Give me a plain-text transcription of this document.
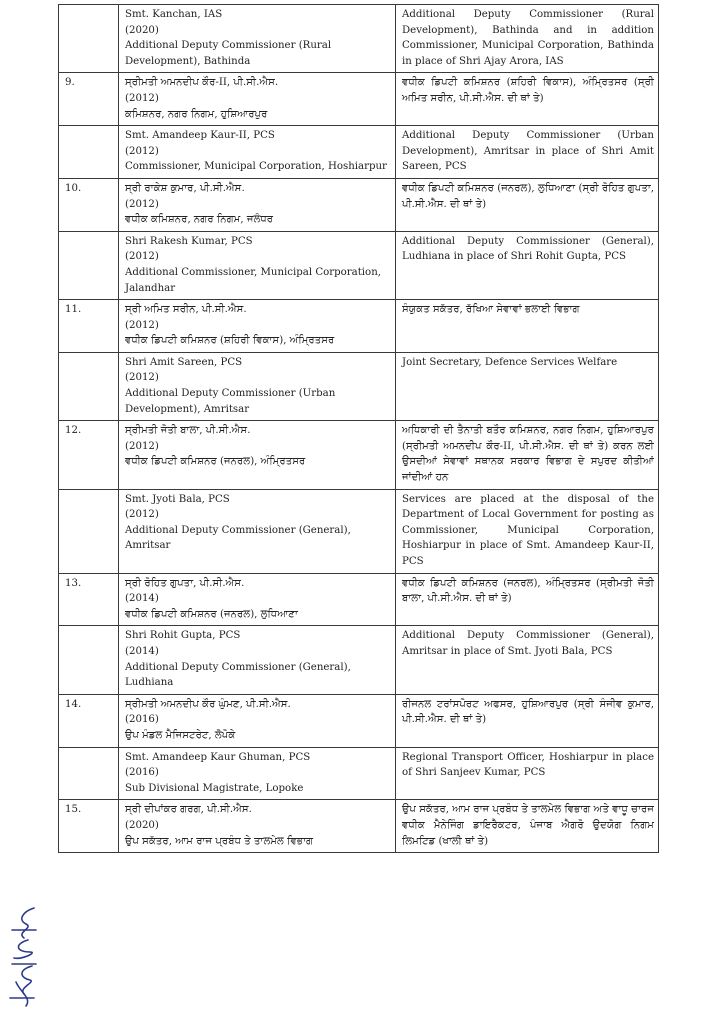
	Smt. Kanchan, IAS
(2020)
Additional Deputy Commissioner (Rural Development), Bathinda	Additional Deputy Commissioner (Rural Development), Bathinda and in addition Commissioner, Municipal Corporation, Bathinda in place of Shri Ajay Arora, IAS
9.	ਸ੍ਰੀਮਤੀ ਅਮਨਦੀਪ ਕੌਰ-II, ਪੀ.ਸੀ.ਐਸ.
(2012)
ਕਮਿਸ਼ਨਰ, ਨਗਰ ਨਿਗਮ, ਹੁਸ਼ਿਆਰਪੁਰ	ਵਧੀਕ ਡਿਪਟੀ ਕਮਿਸ਼ਨਰ (ਸ਼ਹਿਰੀ ਵਿਕਾਸ), ਅੰਮ੍ਰਿਤਸਰ (ਸ੍ਰੀ ਅਮਿਤ ਸਰੀਨ, ਪੀ.ਸੀ.ਐਸ. ਦੀ ਥਾਂ ਤੇ)

	Smt. Amandeep Kaur-II, PCS
(2012)
Commissioner, Municipal Corporation, Hoshiarpur	Additional Deputy Commissioner (Urban Development), Amritsar in place of Shri Amit Sareen, PCS
10.	ਸ੍ਰੀ ਰਾਕੇਸ਼ ਕੁਮਾਰ, ਪੀ.ਸੀ.ਐਸ.
(2012)
ਵਧੀਕ ਕਮਿਸ਼ਨਰ, ਨਗਰ ਨਿਗਮ, ਜਲੰਧਰ	ਵਧੀਕ ਡਿਪਟੀ ਕਮਿਸ਼ਨਰ (ਜਨਰਲ), ਲੁਧਿਆਣਾ (ਸ੍ਰੀ ਰੋਹਿਤ ਗੁਪਤਾ, ਪੀ.ਸੀ.ਐਸ. ਦੀ ਥਾਂ ਤੇ)

	Shri Rakesh Kumar, PCS
(2012)
Additional Commissioner, Municipal Corporation, Jalandhar	Additional Deputy Commissioner (General), Ludhiana in place of Shri Rohit Gupta, PCS
11.	ਸ੍ਰੀ ਅਮਿਤ ਸਰੀਨ, ਪੀ.ਸੀ.ਐਸ.
(2012)
ਵਧੀਕ ਡਿਪਟੀ ਕਮਿਸ਼ਨਰ (ਸ਼ਹਿਰੀ ਵਿਕਾਸ), ਅੰਮ੍ਰਿਤਸਰ	ਸੰਯੁਕਤ ਸਕੱਤਰ, ਰੱਖਿਆ ਸੇਵਾਵਾਂ ਭਲਾਈ ਵਿਭਾਗ

	Shri Amit Sareen, PCS
(2012)
Additional Deputy Commissioner (Urban Development), Amritsar	Joint Secretary, Defence Services Welfare
12.	ਸ੍ਰੀਮਤੀ ਜੋਤੀ ਬਾਲਾ, ਪੀ.ਸੀ.ਐਸ.
(2012)
ਵਧੀਕ ਡਿਪਟੀ ਕਮਿਸ਼ਨਰ (ਜਨਰਲ), ਅੰਮ੍ਰਿਤਸਰ	ਅਧਿਕਾਰੀ ਦੀ ਤੈਨਾਤੀ ਬਤੌਰ ਕਮਿਸ਼ਨਰ, ਨਗਰ ਨਿਗਮ, ਹੁਸ਼ਿਆਰਪੁਰ (ਸ੍ਰੀਮਤੀ ਅਮਨਦੀਪ ਕੌਰ-II, ਪੀ.ਸੀ.ਐਸ. ਦੀ ਥਾਂ ਤੇ) ਕਰਨ ਲਈ ਉਸਦੀਆਂ ਸੇਵਾਵਾਂ ਸਥਾਨਕ ਸਰਕਾਰ ਵਿਭਾਗ ਦੇ ਸਪੁਰਦ ਕੀਤੀਆਂ ਜਾਂਦੀਆਂ ਹਨ

	Smt. Jyoti Bala, PCS
(2012)
Additional Deputy Commissioner (General), Amritsar	Services are placed at the disposal of the Department of Local Government for posting as Commissioner, Municipal Corporation, Hoshiarpur in place of Smt. Amandeep Kaur-II, PCS
13.	ਸ੍ਰੀ ਰੋਹਿਤ ਗੁਪਤਾ, ਪੀ.ਸੀ.ਐਸ.
(2014)
ਵਧੀਕ ਡਿਪਟੀ ਕਮਿਸ਼ਨਰ (ਜਨਰਲ), ਲੁਧਿਆਣਾ	ਵਧੀਕ ਡਿਪਟੀ ਕਮਿਸ਼ਨਰ (ਜਨਰਲ), ਅੰਮ੍ਰਿਤਸਰ (ਸ੍ਰੀਮਤੀ ਜੋਤੀ ਬਾਲਾ, ਪੀ.ਸੀ.ਐਸ. ਦੀ ਥਾਂ ਤੇ)

	Shri Rohit Gupta, PCS
(2014)
Additional Deputy Commissioner (General), Ludhiana	Additional Deputy Commissioner (General), Amritsar in place of Smt. Jyoti Bala, PCS
14.	ਸ੍ਰੀਮਤੀ ਅਮਨਦੀਪ ਕੌਰ ਘੁੰਮਣ, ਪੀ.ਸੀ.ਐਸ.
(2016)
ਉਪ ਮੰਡਲ ਮੈਜਿਸਟਰੇਟ, ਲੋਪੋਕੇ	ਰੀਜਨਲ ਟਰਾਂਸਪੋਰਟ ਅਫਸਰ, ਹੁਸ਼ਿਆਰਪੁਰ (ਸ੍ਰੀ ਸੰਜੀਵ ਕੁਮਾਰ, ਪੀ.ਸੀ.ਐਸ. ਦੀ ਥਾਂ ਤੇ)

	Smt. Amandeep Kaur Ghuman, PCS
(2016)
Sub Divisional Magistrate, Lopoke	Regional Transport Officer, Hoshiarpur in place of Shri Sanjeev Kumar, PCS
15.	ਸ੍ਰੀ ਦੀਪਾਂਕਰ ਗਰਗ, ਪੀ.ਸੀ.ਐਸ.
(2020)
ਉਪ ਸਕੱਤਰ, ਆਮ ਰਾਜ ਪ੍ਰਬੰਧ ਤੇ ਤਾਲਮੇਲ ਵਿਭਾਗ	ਉਪ ਸਕੱਤਰ, ਆਮ ਰਾਜ ਪ੍ਰਬੰਧ ਤੇ ਤਾਲਮੇਲ ਵਿਭਾਗ ਅਤੇ ਵਾਧੂ ਚਾਰਜ ਵਧੀਕ ਮੈਨੇਜਿੰਗ ਡਾਇਰੈਕਟਰ, ਪੰਜਾਬ ਐਗਰੋ ਉਦਯੋਗ ਨਿਗਮ ਲਿਮਟਿਡ (ਖਾਲੀ ਥਾਂ ਤੇ)
